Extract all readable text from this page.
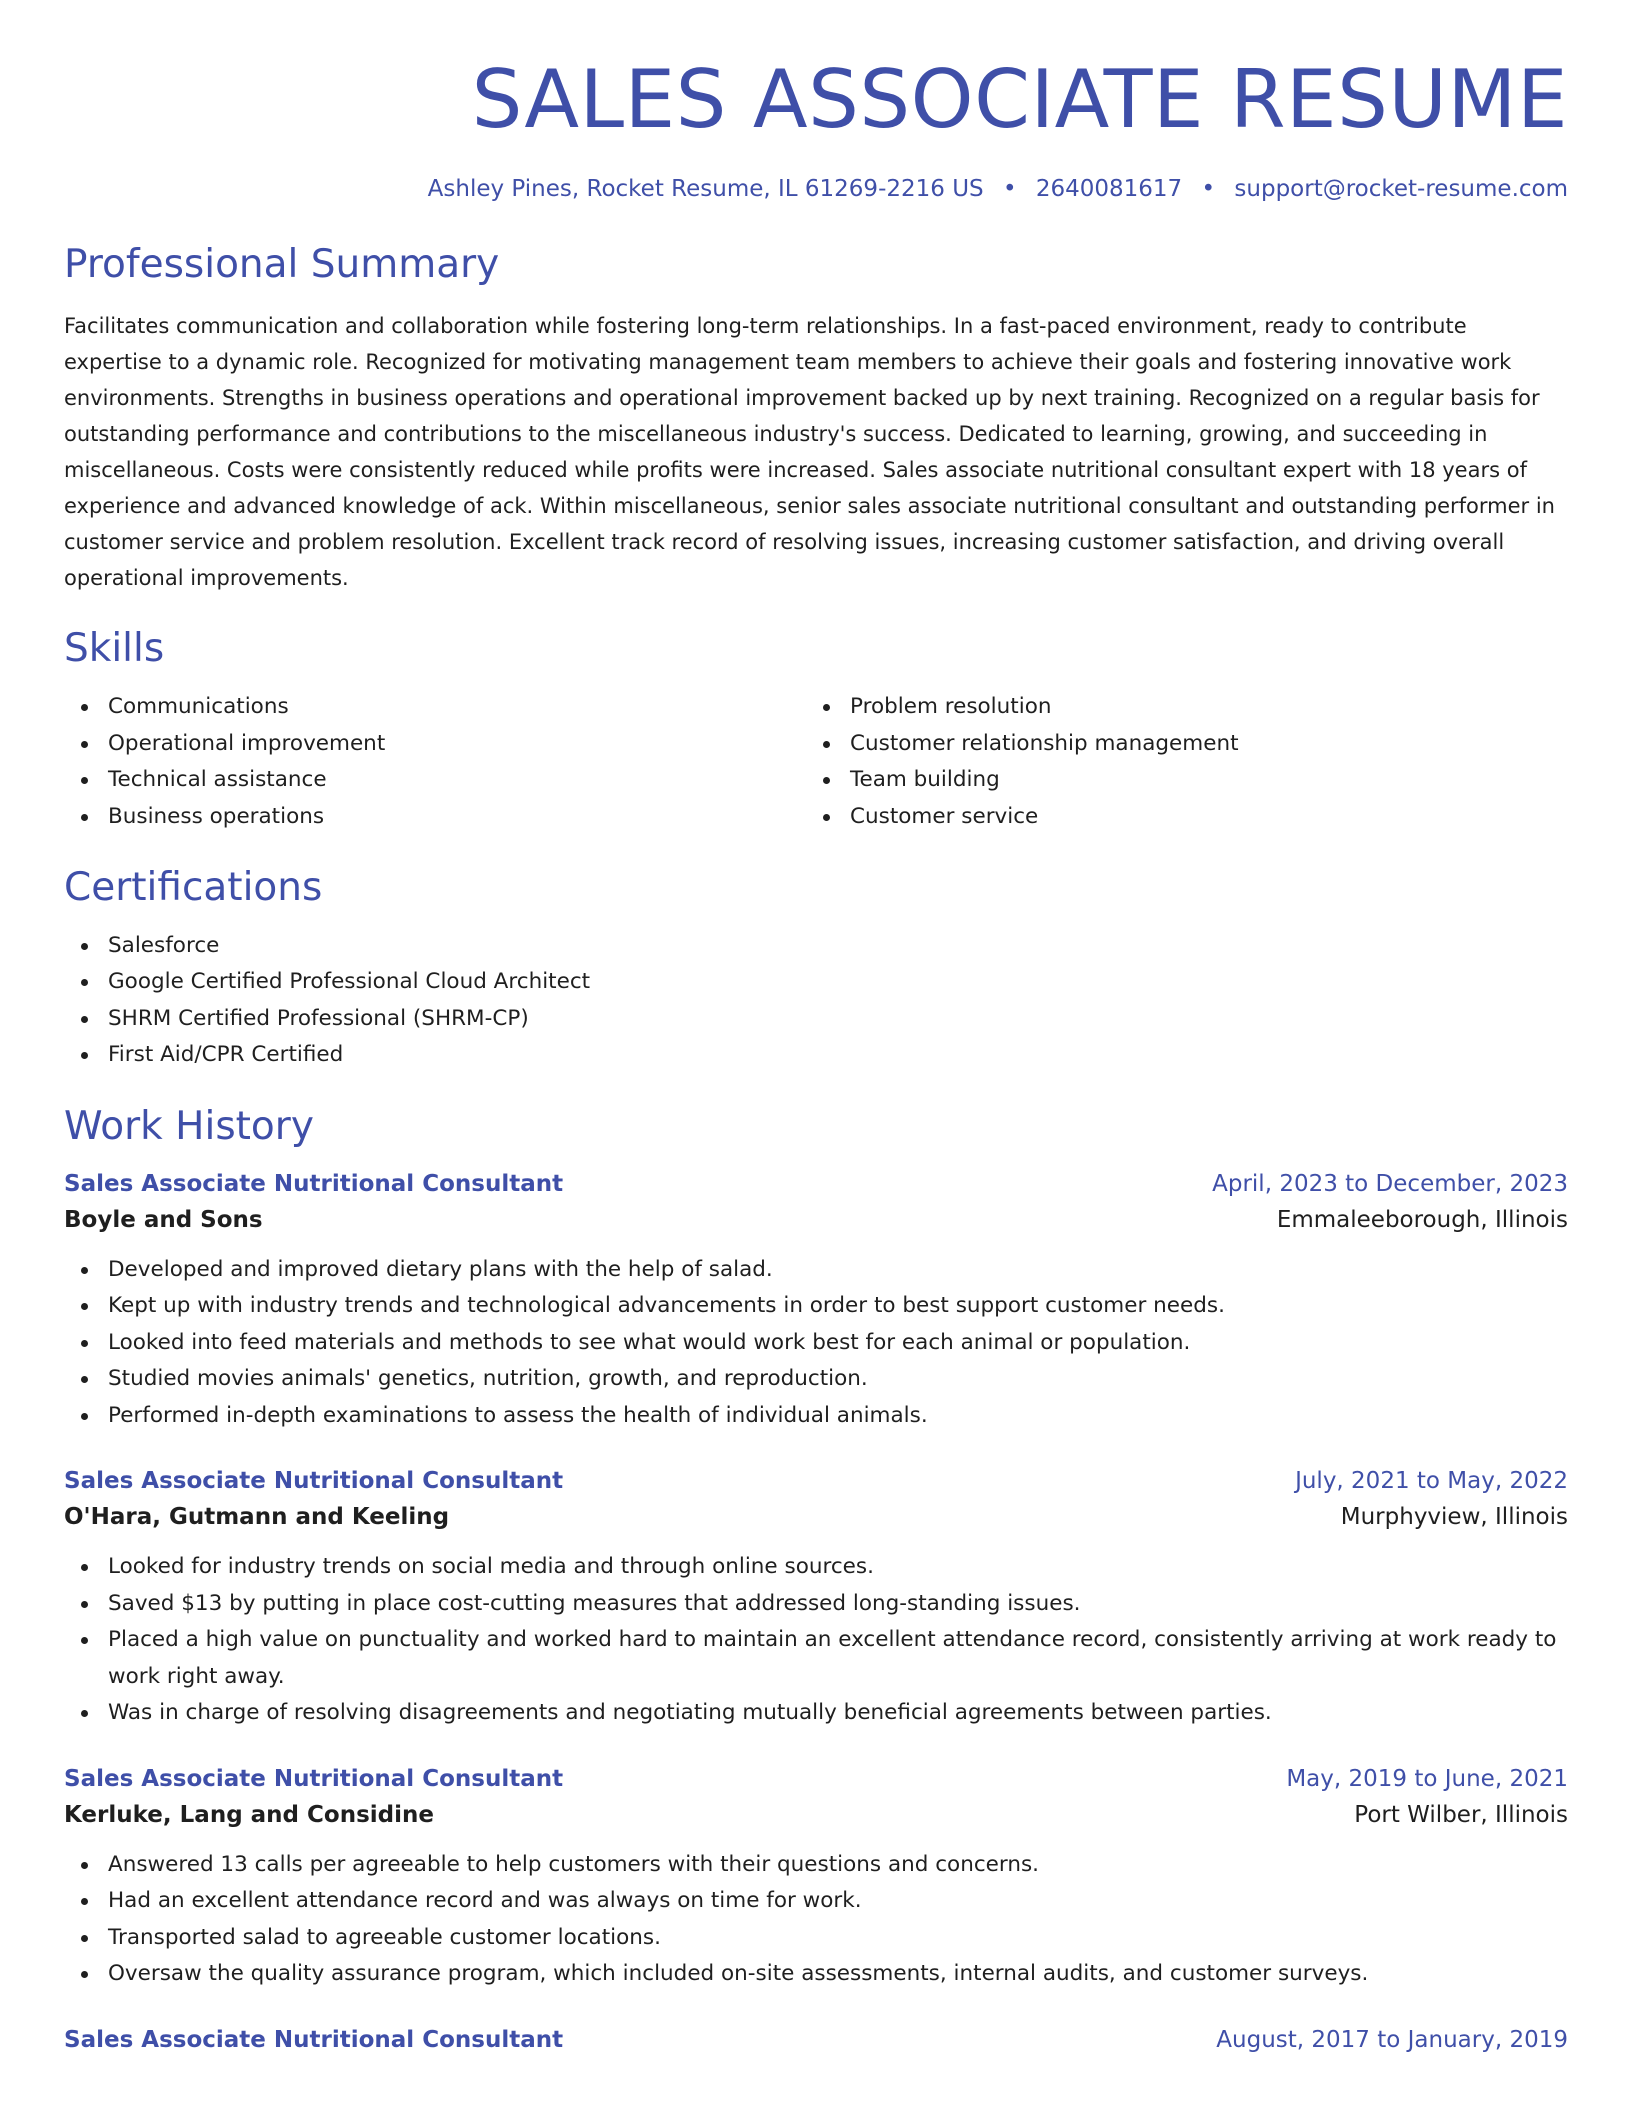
SALES ASSOCIATE RESUME
Ashley Pines, Rocket Resume, IL 61269-2216 US • 2640081617 • support@rocket-resume.com
Professional Summary

Facilitates communication and collaboration while fostering long-term relationships. In a fast-paced environment, ready to contribute expertise to a dynamic role. Recognized for motivating management team members to achieve their goals and fostering innovative work environments. Strengths in business operations and operational improvement backed up by next training. Recognized on a regular basis for outstanding performance and contributions to the miscellaneous industry's success. Dedicated to learning, growing, and succeeding in miscellaneous. Costs were consistently reduced while profits were increased. Sales associate nutritional consultant expert with 18 years of experience and advanced knowledge of ack. Within miscellaneous, senior sales associate nutritional consultant and outstanding performer in customer service and problem resolution. Excellent track record of resolving issues, increasing customer satisfaction, and driving overall operational improvements.

Skills
Communications
Operational improvement
Technical assistance
Business operations
Problem resolution
Customer relationship management
Team building
Customer service
Certifications
Salesforce
Google Certified Professional Cloud Architect
SHRM Certified Professional (SHRM-CP)
First Aid/CPR Certified
Work History
Sales Associate Nutritional Consultant	April, 2023 to December, 2023
Boyle and Sons	Emmaleeborough, Illinois
Developed and improved dietary plans with the help of salad.
Kept up with industry trends and technological advancements in order to best support customer needs.
Looked into feed materials and methods to see what would work best for each animal or population.
Studied movies animals' genetics, nutrition, growth, and reproduction.
Performed in-depth examinations to assess the health of individual animals.
Sales Associate Nutritional Consultant	July, 2021 to May, 2022
O'Hara, Gutmann and Keeling	Murphyview, Illinois
Looked for industry trends on social media and through online sources.
Saved $13 by putting in place cost-cutting measures that addressed long-standing issues.
Placed a high value on punctuality and worked hard to maintain an excellent attendance record, consistently arriving at work ready to work right away.
Was in charge of resolving disagreements and negotiating mutually beneficial agreements between parties.
Sales Associate Nutritional Consultant	May, 2019 to June, 2021
Kerluke, Lang and Considine	Port Wilber, Illinois
Answered 13 calls per agreeable to help customers with their questions and concerns.
Had an excellent attendance record and was always on time for work.
Transported salad to agreeable customer locations.
Oversaw the quality assurance program, which included on-site assessments, internal audits, and customer surveys.
Sales Associate Nutritional Consultant	August, 2017 to January, 2019
